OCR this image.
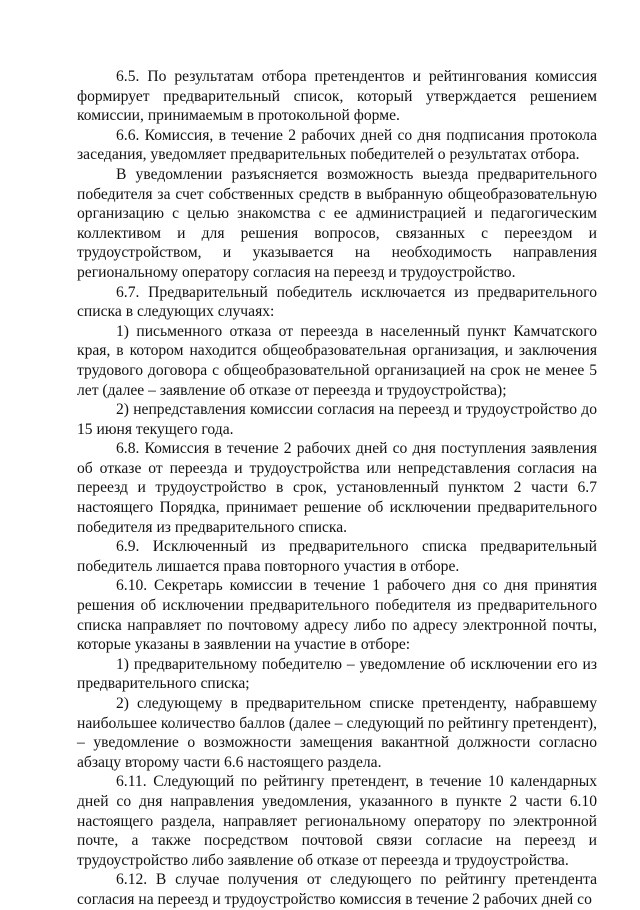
6.5. По результатам отбора претендентов и рейтингования комиссия формирует предварительный список, который утверждается решением комиссии, принимаемым в протокольной форме.

6.6. Комиссия, в течение 2 рабочих дней со дня подписания протокола заседания, уведомляет предварительных победителей о результатах отбора.

В уведомлении разъясняется возможность выезда предварительного победителя за счет собственных средств в выбранную общеобразовательную организацию с целью знакомства с ее администрацией и педагогическим коллективом и для решения вопросов, связанных с переездом и трудоустройством, и указывается на необходимость направления региональному оператору согласия на переезд и трудоустройство.

6.7. Предварительный победитель исключается из предварительного списка в следующих случаях:

1) письменного отказа от переезда в населенный пункт Камчатского края, в котором находится общеобразовательная организация, и заключения трудового договора с общеобразовательной организацией на срок не менее 5 лет (далее – заявление об отказе от переезда и трудоустройства);

2) непредставления комиссии согласия на переезд и трудоустройство до 15 июня текущего года.

6.8. Комиссия в течение 2 рабочих дней со дня поступления заявления об отказе от переезда и трудоустройства или непредставления согласия на переезд и трудоустройство в срок, установленный пунктом 2 части 6.7 настоящего Порядка, принимает решение об исключении предварительного победителя из предварительного списка.

6.9. Исключенный из предварительного списка предварительный победитель лишается права повторного участия в отборе.

6.10. Секретарь комиссии в течение 1 рабочего дня со дня принятия решения об исключении предварительного победителя из предварительного списка направляет по почтовому адресу либо по адресу электронной почты, которые указаны в заявлении на участие в отборе:

1) предварительному победителю – уведомление об исключении его из предварительного списка;

2) следующему в предварительном списке претенденту, набравшему наибольшее количество баллов (далее – следующий по рейтингу претендент), – уведомление о возможности замещения вакантной должности согласно абзацу второму части 6.6 настоящего раздела.

6.11. Следующий по рейтингу претендент, в течение 10 календарных дней со дня направления уведомления, указанного в пункте 2 части 6.10 настоящего раздела, направляет региональному оператору по электронной почте, а также посредством почтовой связи согласие на переезд и трудоустройство либо заявление об отказе от переезда и трудоустройства.

6.12. В случае получения от следующего по рейтингу претендента согласия на переезд и трудоустройство комиссия в течение 2 рабочих дней со
